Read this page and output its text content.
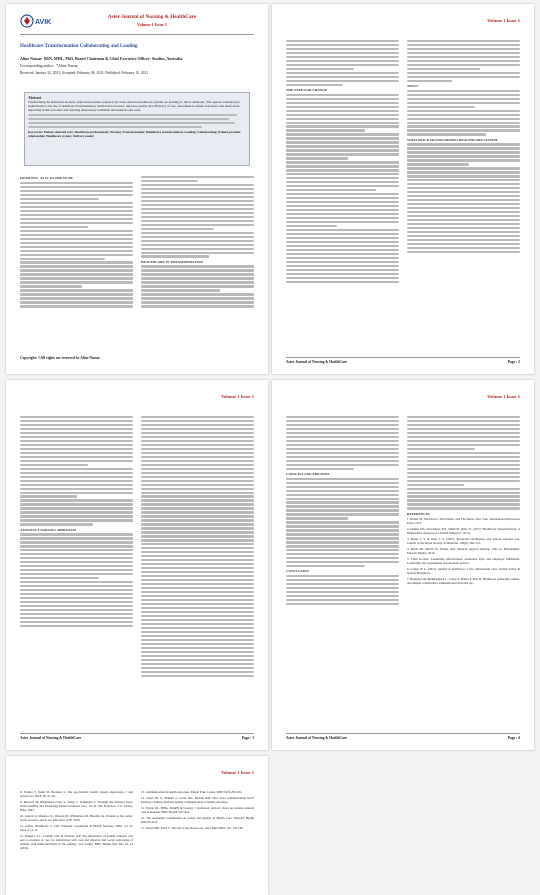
AVIK
Aster Journal of Nursing & HealthCare
Volume 1 Issue 1
Healthcare Transformation Collaborating and Leading
Aline Nassar- BSN, MHL, PhD, Board Chairman & Chief Executive Officer- Studios, Australia
Corresponding author : *Aline Nassar
Received: January 22, 2021; Accepted: February 06, 2021; Published: February 10, 2021
Abstract
Transforming the healthcare model to team-based patient-centered care is the direction healthcare systems are heading to; this is deliberate. The aspired contemporary health model is the one of healthcare Transformation, which drives forward, improves quality and efficiency of care, and enhances patient experience and satisfaction, improving health outcomes and reducing unnecessary redundant interventions and costs.
Keywords: Patient-centered care; Healthcare professionals; Nursing; Transformation; Healthcare transformation; Leading; Collaborating; Patient-provider relationship; Healthcare system; Delivery model
FROM PNC- AS IS TO THE TO BE
HEALTHCARE IN TRANSFORMATION
Copyright: ©All rights are reserved by Aline Nassar
Volume 1 Issue 1
THE NEED FOR CHANGE
TRUST
WHAT BUILD TRANSFORMING HEALTHCARE SYSTEM
Aster Journal of Nursing & HealthCare	Page : 2
Volume 1 Issue 1
A DISTINCT NURSING APPROACH
Aster Journal of Nursing & HealthCare	Page : 3
Volume 1 Issue 1
CAPACITY AND ABILITIES
CONCLUSION
REFERENCES
1. Baldor M, The Doctor, Tim Palmer, and The Nurse, New York: International Discourses Press; 1977.
2. Dentin, DG, Trevarthen, B.E, Smith M, (May 31, 2017) "Healthcare Transformation: A Deliberative Analysis of a Global Endeavor" (ICS).
3. Melia T, Y, & Watt, J, S. (2007). Emotional intelligence and patient-centered care. Journal of the Royal Society of Medicine, 100(8), 366-374.
4. Black IH, Martin IS. Kinner AM. Medical surgical nursing, 12th ed. Philadelphia: Elsevier Mosby; 2016.
5. Chan Ju-chee. Leadership effectiveness: leadership style and employee fulfillment. Leadership and organization development journal.
6. Cohen, B. L. (2012). Quality in healthcare: a five dimensional view. Patient Safety & Quality Healthcare.
7. Brennan GR, Berkhampton L, Crotty E, Butler P. Puts D. Healthcare leadership outline: An adapted collaborative administration from the top.
Aster Journal of Nursing & HealthCare	Page : 4
Volume 1 Issue 1
8. Farmer T, Dunn M, Brennan S. The age-friendly health system expectation. J Am Geriatr Soc 2018; 66: 21-28.
9. Berwick M, Bligeman-Levine A, Oxley J, Yorkmann T. Through the Patient's Eyes: Understanding and Promoting Patient-Centered Care. 1st ed. San Francisco, CA: Jossey-Bass; 1993.
10. Gigout Q, Maneiro JC, Wesson PJ, Whittemore M, Blandin JA. Patients at the center: in our practice, and in our education. AJN. 2018.
11. Jeffrey Healthcare. L, [SI], Editorial: Leadership in Health Services. 2009. vol 21, issue 4: 12-15.
12. Kuipers, S.J., Cramm, J.M. & Nieboer, A.P. The importance of patient-centered care and co-creation of care for satisfaction with care and physical and social well-being of patients with multi-morbidity in the primary care setting. BMC Health Serv Res 19, 13 (2019).
13. communication in health outcomes. Patient Educ Couns. 2009;74(3):295-301.
14. Street RL Jr, Makoul G, Arora NK, Epstein RM. How does communication heal? Pathways linking clinician-patient communication to health outcomes.
15. Fulton RL, MHA. MARN & Cropley J. Robinson: doctors' views on patient-centered care in hospital. BMC Health Serv Res.
16. The Australian Commission on Safety and Quality in Health Care. National Health Reform 2012.
17. Tinetti ME, Fried T. The end of the disease era. Am J Med 2004; 116: 179-185.
